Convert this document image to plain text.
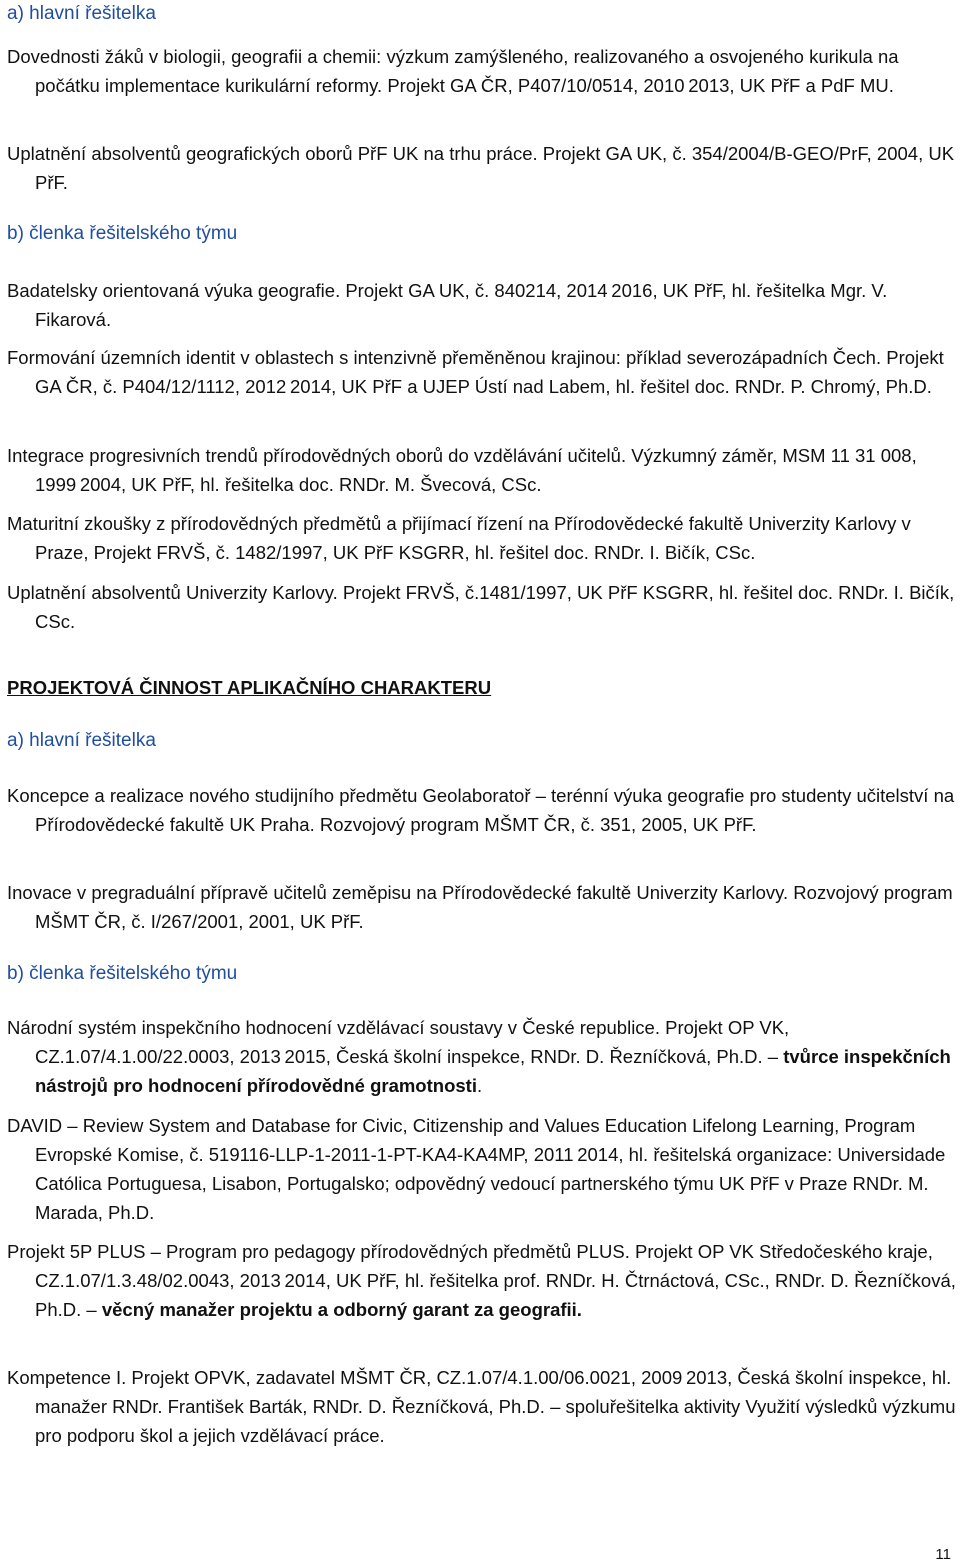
a) hlavní řešitelka
Dovednosti žáků v biologii, geografii a chemii: výzkum zamýšleného, realizovaného a osvojeného kurikula na počátku implementace kurikulární reformy. Projekt GA ČR, P407/10/0514, 2010 2013, UK PřF a PdF MU.
Uplatnění absolventů geografických oborů PřF UK na trhu práce. Projekt GA UK, č. 354/2004/B-GEO/PrF, 2004, UK PřF.
b) členka řešitelského týmu
Badatelsky orientovaná výuka geografie. Projekt GA UK, č. 840214, 2014 2016, UK PřF, hl. řešitelka Mgr. V. Fikarová.
Formování územních identit v oblastech s intenzivně přeměněnou krajinou: příklad severozápadních Čech. Projekt GA ČR, č. P404/12/1112, 2012 2014, UK PřF a UJEP Ústí nad Labem, hl. řešitel doc. RNDr. P. Chromý, Ph.D.
Integrace progresivních trendů přírodovědných oborů do vzdělávání učitelů. Výzkumný záměr, MSM 11 31 008, 1999 2004, UK PřF, hl. řešitelka doc. RNDr. M. Švecová, CSc.
Maturitní zkoušky z přírodovědných předmětů a přijímací řízení na Přírodovědecké fakultě Univerzity Karlovy v Praze, Projekt FRVŠ, č. 1482/1997, UK PřF KSGRR, hl. řešitel doc. RNDr. I. Bičík, CSc.
Uplatnění absolventů Univerzity Karlovy. Projekt FRVŠ, č.1481/1997, UK PřF KSGRR, hl. řešitel doc. RNDr. I. Bičík, CSc.
PROJEKTOVÁ ČINNOST APLIKAČNÍHO CHARAKTERU
a) hlavní řešitelka
Koncepce a realizace nového studijního předmětu Geolaboratoř – terénní výuka geografie pro studenty učitelství na Přírodovědecké fakultě UK Praha. Rozvojový program MŠMT ČR, č. 351, 2005, UK PřF.
Inovace v pregraduální přípravě učitelů zeměpisu na Přírodovědecké fakultě Univerzity Karlovy. Rozvojový program MŠMT ČR, č. I/267/2001, 2001, UK PřF.
b) členka řešitelského týmu
Národní systém inspekčního hodnocení vzdělávací soustavy v České republice. Projekt OP VK, CZ.1.07/4.1.00/22.0003, 2013 2015, Česká školní inspekce, RNDr. D. Řezníčková, Ph.D. – tvůrce inspekčních nástrojů pro hodnocení přírodovědné gramotnosti.
DAVID – Review System and Database for Civic, Citizenship and Values Education Lifelong Learning, Program Evropské Komise, č. 519116-LLP-1-2011-1-PT-KA4-KA4MP, 2011 2014, hl. řešitelská organizace: Universidade Católica Portuguesa, Lisabon, Portugalsko; odpovědný vedoucí partnerského týmu UK PřF v Praze RNDr. M. Marada, Ph.D.
Projekt 5P PLUS – Program pro pedagogy přírodovědných předmětů PLUS. Projekt OP VK Středočeského kraje, CZ.1.07/1.3.48/02.0043, 2013 2014, UK PřF, hl. řešitelka prof. RNDr. H. Čtrnáctová, CSc., RNDr. D. Řezníčková, Ph.D. – věcný manažer projektu a odborný garant za geografii.
Kompetence I. Projekt OPVK, zadavatel MŠMT ČR, CZ.1.07/4.1.00/06.0021, 2009 2013, Česká školní inspekce, hl. manažer RNDr. František Barták, RNDr. D. Řezníčková, Ph.D. – spoluřešitelka aktivity Využití výsledků výzkumu pro podporu škol a jejich vzdělávací práce.
11
